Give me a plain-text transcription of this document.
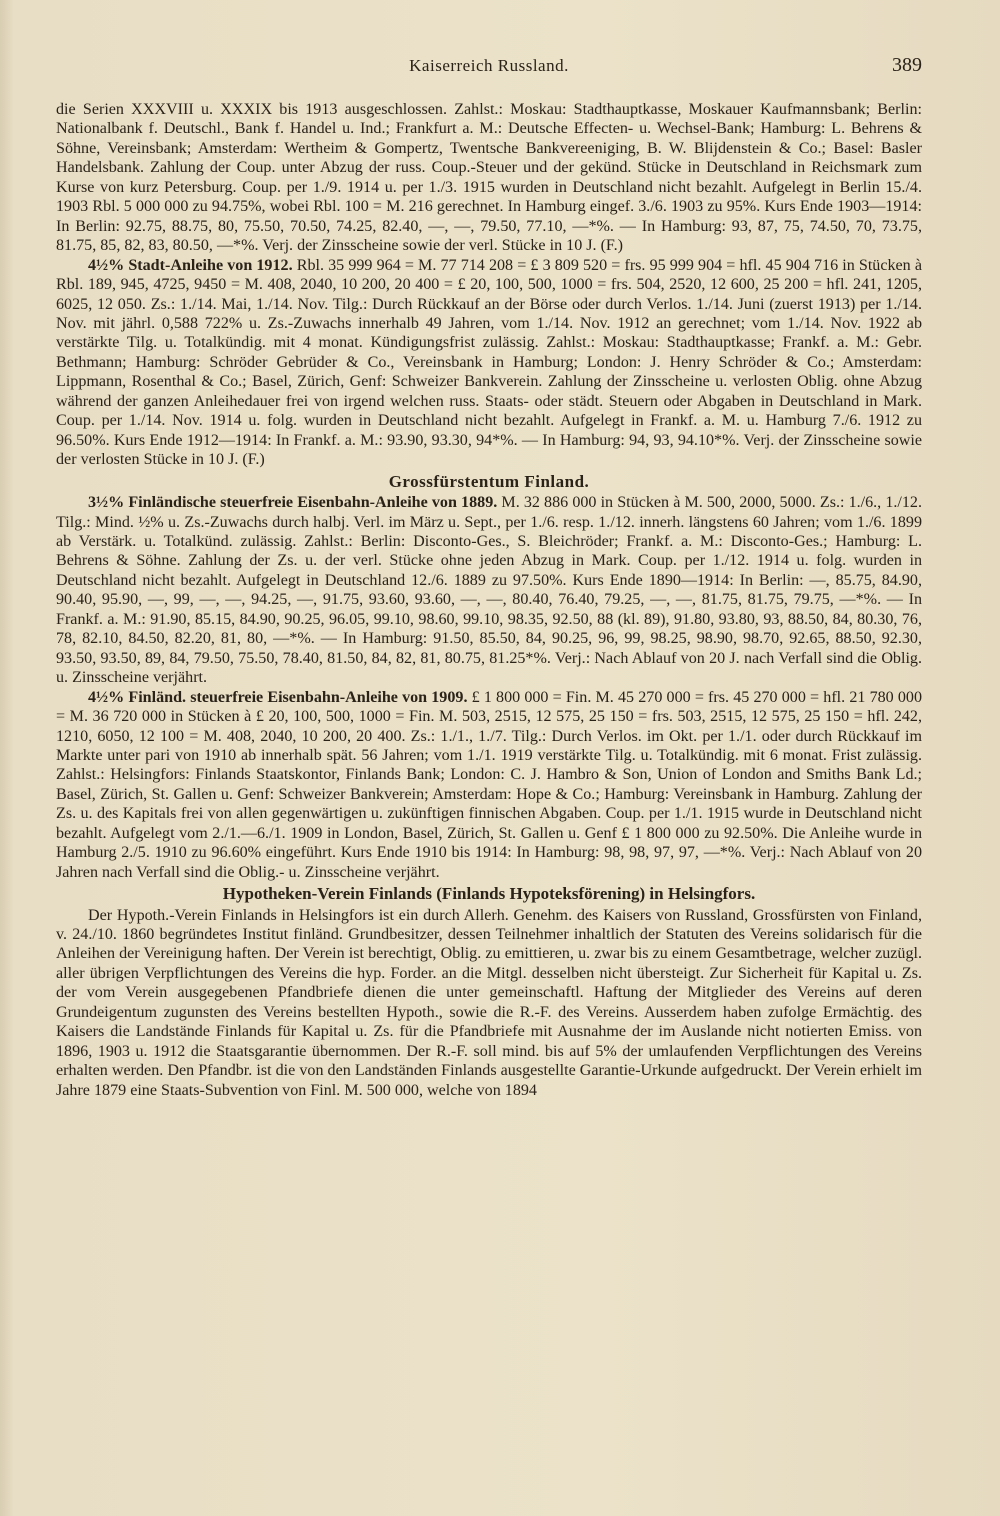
Kaiserreich Russland.	389

die Serien XXXVIII u. XXXIX bis 1913 ausgeschlossen. Zahlst.: Moskau: Stadthauptkasse, Moskauer Kaufmannsbank; Berlin: Nationalbank f. Deutschl., Bank f. Handel u. Ind.; Frankfurt a. M.: Deutsche Effecten- u. Wechsel-Bank; Hamburg: L. Behrens & Söhne, Vereinsbank; Amsterdam: Wertheim & Gompertz, Twentsche Bankvereeniging, B. W. Blijdenstein & Co.; Basel: Basler Handelsbank. Zahlung der Coup. unter Abzug der russ. Coup.-Steuer und der gekünd. Stücke in Deutschland in Reichsmark zum Kurse von kurz Petersburg. Coup. per 1./9. 1914 u. per 1./3. 1915 wurden in Deutschland nicht bezahlt. Aufgelegt in Berlin 15./4. 1903 Rbl. 5 000 000 zu 94.75%, wobei Rbl. 100 = M. 216 gerechnet. In Hamburg eingef. 3./6. 1903 zu 95%. Kurs Ende 1903—1914: In Berlin: 92.75, 88.75, 80, 75.50, 70.50, 74.25, 82.40, —, —, 79.50, 77.10, —*%. — In Hamburg: 93, 87, 75, 74.50, 70, 73.75, 81.75, 85, 82, 83, 80.50, —*%. Verj. der Zinsscheine sowie der verl. Stücke in 10 J. (F.)

4½% Stadt-Anleihe von 1912. Rbl. 35 999 964 = M. 77 714 208 = £ 3 809 520 = frs. 95 999 904 = hfl. 45 904 716 in Stücken à Rbl. 189, 945, 4725, 9450 = M. 408, 2040, 10 200, 20 400 = £ 20, 100, 500, 1000 = frs. 504, 2520, 12 600, 25 200 = hfl. 241, 1205, 6025, 12 050. Zs.: 1./14. Mai, 1./14. Nov. Tilg.: Durch Rückkauf an der Börse oder durch Verlos. 1./14. Juni (zuerst 1913) per 1./14. Nov. mit jährl. 0,588 722% u. Zs.-Zuwachs innerhalb 49 Jahren, vom 1./14. Nov. 1912 an gerechnet; vom 1./14. Nov. 1922 ab verstärkte Tilg. u. Totalkündig. mit 4 monat. Kündigungsfrist zulässig. Zahlst.: Moskau: Stadthauptkasse; Frankf. a. M.: Gebr. Bethmann; Hamburg: Schröder Gebrüder & Co., Vereinsbank in Hamburg; London: J. Henry Schröder & Co.; Amsterdam: Lippmann, Rosenthal & Co.; Basel, Zürich, Genf: Schweizer Bankverein. Zahlung der Zinsscheine u. verlosten Oblig. ohne Abzug während der ganzen Anleihedauer frei von irgend welchen russ. Staats- oder städt. Steuern oder Abgaben in Deutschland in Mark. Coup. per 1./14. Nov. 1914 u. folg. wurden in Deutschland nicht bezahlt. Aufgelegt in Frankf. a. M. u. Hamburg 7./6. 1912 zu 96.50%. Kurs Ende 1912—1914: In Frankf. a. M.: 93.90, 93.30, 94*%. — In Hamburg: 94, 93, 94.10*%. Verj. der Zinsscheine sowie der verlosten Stücke in 10 J. (F.)

Grossfürstentum Finland.

3½% Finländische steuerfreie Eisenbahn-Anleihe von 1889. M. 32 886 000 in Stücken à M. 500, 2000, 5000. Zs.: 1./6., 1./12. Tilg.: Mind. ½% u. Zs.-Zuwachs durch halbj. Verl. im März u. Sept., per 1./6. resp. 1./12. innerh. längstens 60 Jahren; vom 1./6. 1899 ab Verstärk. u. Totalkünd. zulässig. Zahlst.: Berlin: Disconto-Ges., S. Bleichröder; Frankf. a. M.: Disconto-Ges.; Hamburg: L. Behrens & Söhne. Zahlung der Zs. u. der verl. Stücke ohne jeden Abzug in Mark. Coup. per 1./12. 1914 u. folg. wurden in Deutschland nicht bezahlt. Aufgelegt in Deutschland 12./6. 1889 zu 97.50%. Kurs Ende 1890—1914: In Berlin: —, 85.75, 84.90, 90.40, 95.90, —, 99, —, —, 94.25, —, 91.75, 93.60, 93.60, —, —, 80.40, 76.40, 79.25, —, —, 81.75, 81.75, 79.75, —*%. — In Frankf. a. M.: 91.90, 85.15, 84.90, 90.25, 96.05, 99.10, 98.60, 99.10, 98.35, 92.50, 88 (kl. 89), 91.80, 93.80, 93, 88.50, 84, 80.30, 76, 78, 82.10, 84.50, 82.20, 81, 80, —*%. — In Hamburg: 91.50, 85.50, 84, 90.25, 96, 99, 98.25, 98.90, 98.70, 92.65, 88.50, 92.30, 93.50, 93.50, 89, 84, 79.50, 75.50, 78.40, 81.50, 84, 82, 81, 80.75, 81.25*%. Verj.: Nach Ablauf von 20 J. nach Verfall sind die Oblig. u. Zinsscheine verjährt.

4½% Finländ. steuerfreie Eisenbahn-Anleihe von 1909. £ 1 800 000 = Fin. M. 45 270 000 = frs. 45 270 000 = hfl. 21 780 000 = M. 36 720 000 in Stücken à £ 20, 100, 500, 1000 = Fin. M. 503, 2515, 12 575, 25 150 = frs. 503, 2515, 12 575, 25 150 = hfl. 242, 1210, 6050, 12 100 = M. 408, 2040, 10 200, 20 400. Zs.: 1./1., 1./7. Tilg.: Durch Verlos. im Okt. per 1./1. oder durch Rückkauf im Markte unter pari von 1910 ab innerhalb spät. 56 Jahren; vom 1./1. 1919 verstärkte Tilg. u. Totalkündig. mit 6 monat. Frist zulässig. Zahlst.: Helsingfors: Finlands Staatskontor, Finlands Bank; London: C. J. Hambro & Son, Union of London and Smiths Bank Ld.; Basel, Zürich, St. Gallen u. Genf: Schweizer Bankverein; Amsterdam: Hope & Co.; Hamburg: Vereinsbank in Hamburg. Zahlung der Zs. u. des Kapitals frei von allen gegenwärtigen u. zukünftigen finnischen Abgaben. Coup. per 1./1. 1915 wurde in Deutschland nicht bezahlt. Aufgelegt vom 2./1.—6./1. 1909 in London, Basel, Zürich, St. Gallen u. Genf £ 1 800 000 zu 92.50%. Die Anleihe wurde in Hamburg 2./5. 1910 zu 96.60% eingeführt. Kurs Ende 1910 bis 1914: In Hamburg: 98, 98, 97, 97, —*%. Verj.: Nach Ablauf von 20 Jahren nach Verfall sind die Oblig.- u. Zinsscheine verjährt.

Hypotheken-Verein Finlands (Finlands Hypoteksförening) in Helsingfors.

Der Hypoth.-Verein Finlands in Helsingfors ist ein durch Allerh. Genehm. des Kaisers von Russland, Grossfürsten von Finland, v. 24./10. 1860 begründetes Institut finländ. Grundbesitzer, dessen Teilnehmer inhaltlich der Statuten des Vereins solidarisch für die Anleihen der Vereinigung haften. Der Verein ist berechtigt, Oblig. zu emittieren, u. zwar bis zu einem Gesamtbetrage, welcher zuzügl. aller übrigen Verpflichtungen des Vereins die hyp. Forder. an die Mitgl. desselben nicht übersteigt. Zur Sicherheit für Kapital u. Zs. der vom Verein ausgegebenen Pfandbriefe dienen die unter gemeinschaftl. Haftung der Mitglieder des Vereins auf deren Grundeigentum zugunsten des Vereins bestellten Hypoth., sowie die R.-F. des Vereins. Ausserdem haben zufolge Ermächtig. des Kaisers die Landstände Finlands für Kapital u. Zs. für die Pfandbriefe mit Ausnahme der im Auslande nicht notierten Emiss. von 1896, 1903 u. 1912 die Staatsgarantie übernommen. Der R.-F. soll mind. bis auf 5% der umlaufenden Verpflichtungen des Vereins erhalten werden. Den Pfandbr. ist die von den Landständen Finlands ausgestellte Garantie-Urkunde aufgedruckt. Der Verein erhielt im Jahre 1879 eine Staats-Subvention von Finl. M. 500 000, welche von 1894
